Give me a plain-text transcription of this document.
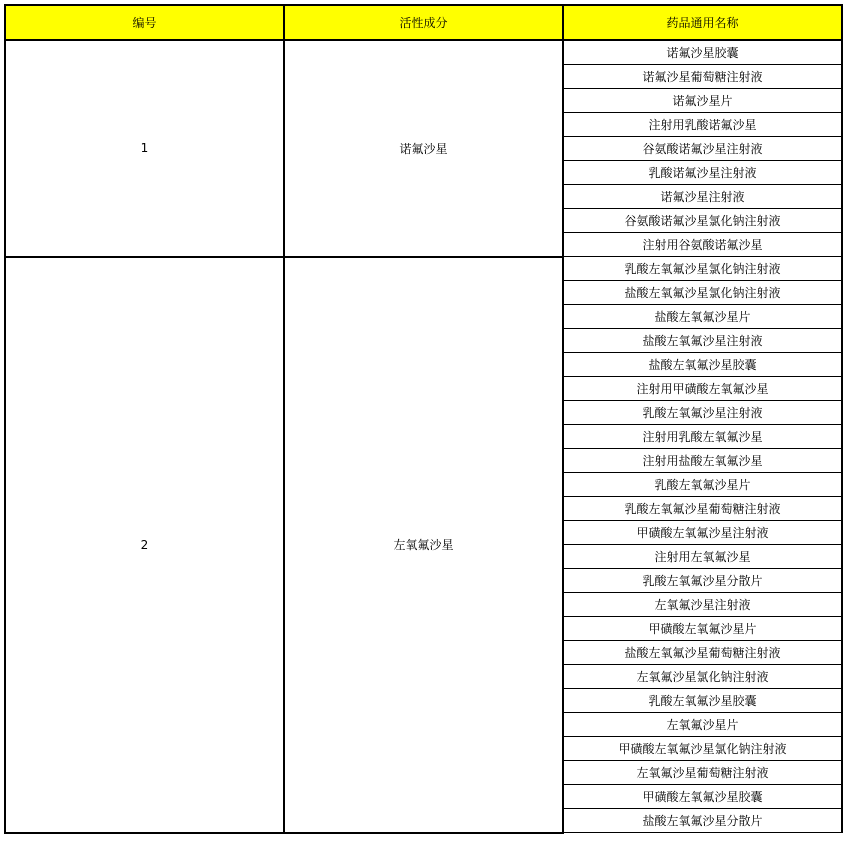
编号	活性成分	药品通用名称
1	诺氟沙星	诺氟沙星胶囊
		诺氟沙星葡萄糖注射液
		诺氟沙星片
		注射用乳酸诺氟沙星
		谷氨酸诺氟沙星注射液
		乳酸诺氟沙星注射液
		诺氟沙星注射液
		谷氨酸诺氟沙星氯化钠注射液
		注射用谷氨酸诺氟沙星
2	左氧氟沙星	乳酸左氧氟沙星氯化钠注射液
		盐酸左氧氟沙星氯化钠注射液
		盐酸左氧氟沙星片
		盐酸左氧氟沙星注射液
		盐酸左氧氟沙星胶囊
		注射用甲磺酸左氧氟沙星
		乳酸左氧氟沙星注射液
		注射用乳酸左氧氟沙星
		注射用盐酸左氧氟沙星
		乳酸左氧氟沙星片
		乳酸左氧氟沙星葡萄糖注射液
		甲磺酸左氧氟沙星注射液
		注射用左氧氟沙星
		乳酸左氧氟沙星分散片
		左氧氟沙星注射液
		甲磺酸左氧氟沙星片
		盐酸左氧氟沙星葡萄糖注射液
		左氧氟沙星氯化钠注射液
		乳酸左氧氟沙星胶囊
		左氧氟沙星片
		甲磺酸左氧氟沙星氯化钠注射液
		左氧氟沙星葡萄糖注射液
		甲磺酸左氧氟沙星胶囊
		盐酸左氧氟沙星分散片
